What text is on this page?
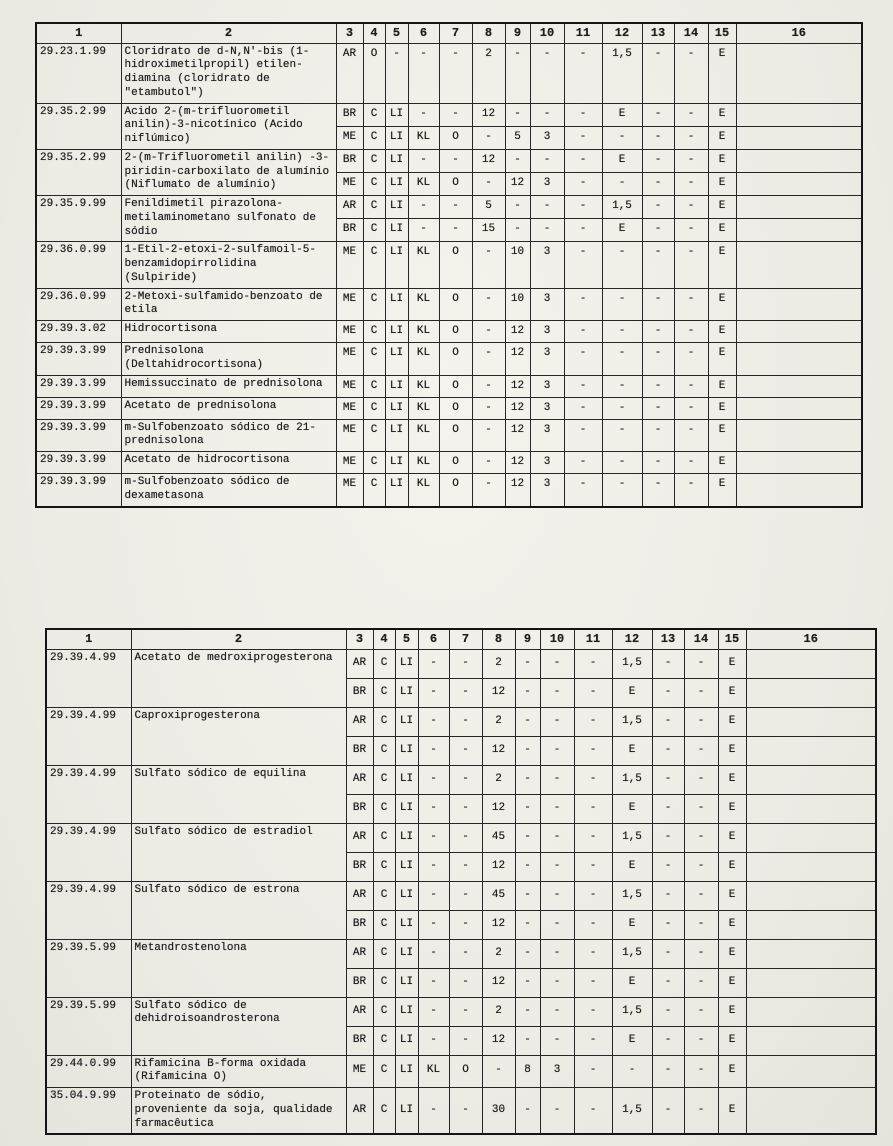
1	2	3	4	5	6	7	8	9	10	11	12	13	14	15	16
29.23.1.99	Cloridrato de d-N,N'-bis (1-hidroximetilpropil) etilen-diamina (cloridrato de "etambutol")	AR	O	-	-	-	2	-	-	-	1,5	-	-	E	
29.35.2.99	Acido 2-(m-trifluorometil anilin)-3-nicotínico (Acido niflúmico)	BR	C	LI	-	-	12	-	-	-	E	-	-	E	
		ME	C	LI	KL	O	-	5	3	-	-	-	-	E	
29.35.2.99	2-(m-Trifluorometil anilin) -3-piridin-carboxilato de alumínio (Niflumato de alumínio)	BR	C	LI	-	-	12	-	-	-	E	-	-	E	
		ME	C	LI	KL	O	-	12	3	-	-	-	-	E	
29.35.9.99	Fenildimetil pirazolona-metilaminometano sulfonato de sódio	AR	C	LI	-	-	5	-	-	-	1,5	-	-	E	
		BR	C	LI	-	-	15	-	-	-	E	-	-	E	
29.36.0.99	1-Etil-2-etoxi-2-sulfamoil-5-benzamidopirrolidina (Sulpiride)	ME	C	LI	KL	O	-	10	3	-	-	-	-	E	
29.36.0.99	2-Metoxi-sulfamido-benzoato de etila	ME	C	LI	KL	O	-	10	3	-	-	-	-	E	
29.39.3.02	Hidrocortisona	ME	C	LI	KL	O	-	12	3	-	-	-	-	E	
29.39.3.99	Prednisolona (Deltahidrocortisona)	ME	C	LI	KL	O	-	12	3	-	-	-	-	E	
29.39.3.99	Hemissuccinato de prednisolona	ME	C	LI	KL	O	-	12	3	-	-	-	-	E	
29.39.3.99	Acetato de prednisolona	ME	C	LI	KL	O	-	12	3	-	-	-	-	E	
29.39.3.99	m-Sulfobenzoato sódico de 21-prednisolona	ME	C	LI	KL	O	-	12	3	-	-	-	-	E	
29.39.3.99	Acetato de hidrocortisona	ME	C	LI	KL	O	-	12	3	-	-	-	-	E	
29.39.3.99	m-Sulfobenzoato sódico de dexametasona	ME	C	LI	KL	O	-	12	3	-	-	-	-	E	
1	2	3	4	5	6	7	8	9	10	11	12	13	14	15	16
29.39.4.99	Acetato de medroxiprogesterona	AR	C	LI	-	-	2	-	-	-	1,5	-	-	E	
		BR	C	LI	-	-	12	-	-	-	E	-	-	E	
29.39.4.99	Caproxiprogesterona	AR	C	LI	-	-	2	-	-	-	1,5	-	-	E	
		BR	C	LI	-	-	12	-	-	-	E	-	-	E	
29.39.4.99	Sulfato sódico de equilina	AR	C	LI	-	-	2	-	-	-	1,5	-	-	E	
		BR	C	LI	-	-	12	-	-	-	E	-	-	E	
29.39.4.99	Sulfato sódico de estradiol	AR	C	LI	-	-	45	-	-	-	1,5	-	-	E	
		BR	C	LI	-	-	12	-	-	-	E	-	-	E	
29.39.4.99	Sulfato sódico de estrona	AR	C	LI	-	-	45	-	-	-	1,5	-	-	E	
		BR	C	LI	-	-	12	-	-	-	E	-	-	E	
29.39.5.99	Metandrostenolona	AR	C	LI	-	-	2	-	-	-	1,5	-	-	E	
		BR	C	LI	-	-	12	-	-	-	E	-	-	E	
29.39.5.99	Sulfato sódico de dehidroisoandrosterona	AR	C	LI	-	-	2	-	-	-	1,5	-	-	E	
		BR	C	LI	-	-	12	-	-	-	E	-	-	E	
29.44.0.99	Rifamicina B-forma oxidada (Rifamicina O)	ME	C	LI	KL	O	-	8	3	-	-	-	-	E	
35.04.9.99	Proteinato de sódio, proveniente da soja, qualidade farmacêutica	AR	C	LI	-	-	30	-	-	-	1,5	-	-	E	
